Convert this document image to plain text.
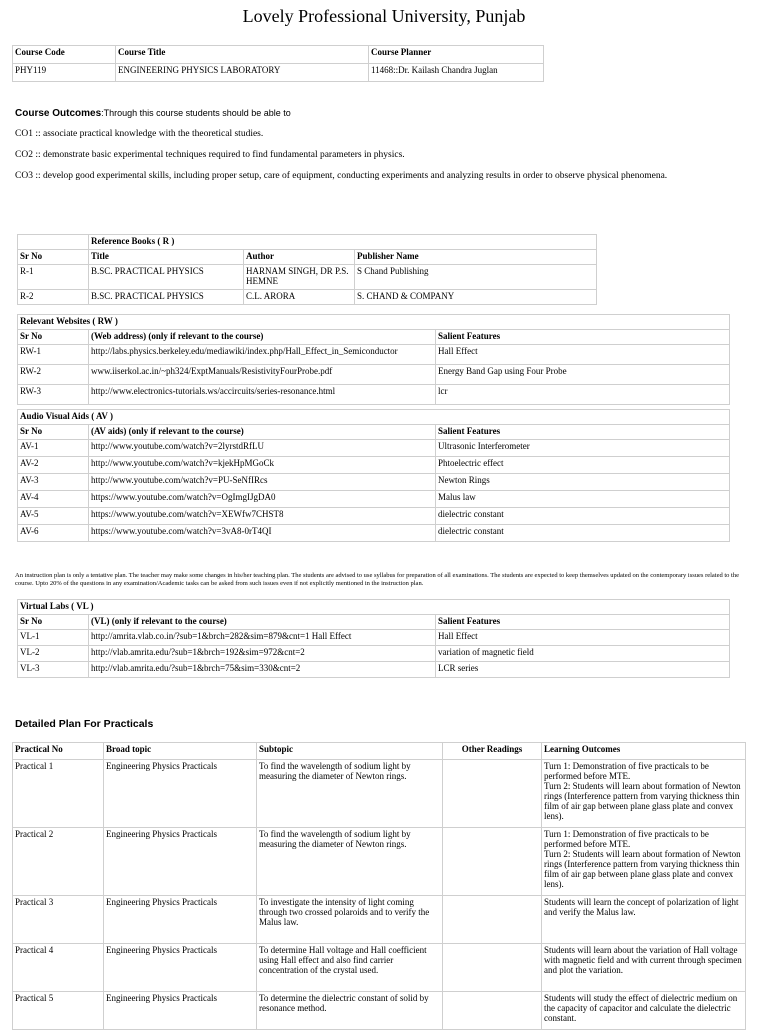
Lovely Professional University, Punjab
Course Code	Course Title	Course Planner
PHY119	ENGINEERING PHYSICS LABORATORY	11468::Dr. Kailash Chandra Juglan
Course Outcomes:Through this course students should be able to
CO1 :: associate practical knowledge with the theoretical studies.
CO2 :: demonstrate basic experimental techniques required to find fundamental parameters in physics.
CO3 :: develop good experimental skills, including proper setup, care of equipment, conducting experiments and analyzing results in order to observe physical phenomena.
	Reference Books ( R )		
Sr No	Title	Author	Publisher Name
R-1	B.SC. PRACTICAL PHYSICS	HARNAM SINGH, DR P.S. HEMNE	S Chand Publishing
R-2	B.SC. PRACTICAL PHYSICS	C.L. ARORA	S. CHAND & COMPANY
Relevant Websites ( RW )		
Sr No	(Web address) (only if relevant to the course)	Salient Features
RW-1	http://labs.physics.berkeley.edu/mediawiki/index.php/Hall_Effect_in_Semiconductor	Hall Effect
RW-2	www.iiserkol.ac.in/~ph324/ExptManuals/ResistivityFourProbe.pdf	Energy Band Gap using Four Probe
RW-3	http://www.electronics-tutorials.ws/accircuits/series-resonance.html	lcr
Audio Visual Aids ( AV )		
Sr No	(AV aids) (only if relevant to the course)	Salient Features
AV-1	http://www.youtube.com/watch?v=2lyrstdRfLU	Ultrasonic Interferometer
AV-2	http://www.youtube.com/watch?v=kjekHpMGoCk	Phtoelectric effect
AV-3	http://www.youtube.com/watch?v=PU-SeNfIRcs	Newton Rings
AV-4	https://www.youtube.com/watch?v=OgImgIJgDA0	Malus law
AV-5	https://www.youtube.com/watch?v=XEWfw7CHST8	dielectric constant
AV-6	https://www.youtube.com/watch?v=3vA8-0rT4QI	dielectric constant
An instruction plan is only a tentative plan. The teacher may make some changes in his/her teaching plan. The students are advised to use syllabus for preparation of all examinations. The students are expected to keep themselves updated on the contemporary issues related to the course. Upto 20% of the questions in any examination/Academic tasks can be asked from such issues even if not explicitly mentioned in the instruction plan.
Virtual Labs ( VL )		
Sr No	(VL) (only if relevant to the course)	Salient Features
VL-1	http://amrita.vlab.co.in/?sub=1&brch=282&sim=879&cnt=1 Hall Effect	Hall Effect
VL-2	http://vlab.amrita.edu/?sub=1&brch=192&sim=972&cnt=2	variation of magnetic field
VL-3	http://vlab.amrita.edu/?sub=1&brch=75&sim=330&cnt=2	LCR series
Detailed Plan For Practicals
Practical No	Broad topic	Subtopic	Other Readings	Learning Outcomes
Practical 1	Engineering Physics Practicals	To find the wavelength of sodium light by measuring the diameter of Newton rings.		Turn 1: Demonstration of five practicals to be performed before MTE.
Turn 2: Students will learn about formation of Newton rings (Interference pattern from varying thickness thin film of air gap between plane glass plate and convex lens).
Practical 2	Engineering Physics Practicals	To find the wavelength of sodium light by measuring the diameter of Newton rings.		Turn 1: Demonstration of five practicals to be performed before MTE.
Turn 2: Students will learn about formation of Newton rings (Interference pattern from varying thickness thin film of air gap between plane glass plate and convex lens).
Practical 3	Engineering Physics Practicals	To investigate the intensity of light coming through two crossed polaroids and to verify the Malus law.		Students will learn the concept of polarization of light and verify the Malus law.
Practical 4	Engineering Physics Practicals	To determine Hall voltage and Hall coefficient using Hall effect and also find carrier concentration of the crystal used.		Students will learn about the variation of Hall voltage with magnetic field and with current through specimen and plot the variation.
Practical 5	Engineering Physics Practicals	To determine the dielectric constant of solid by resonance method.		Students will study the effect of dielectric medium on the capacity of capacitor and calculate the dielectric constant.
